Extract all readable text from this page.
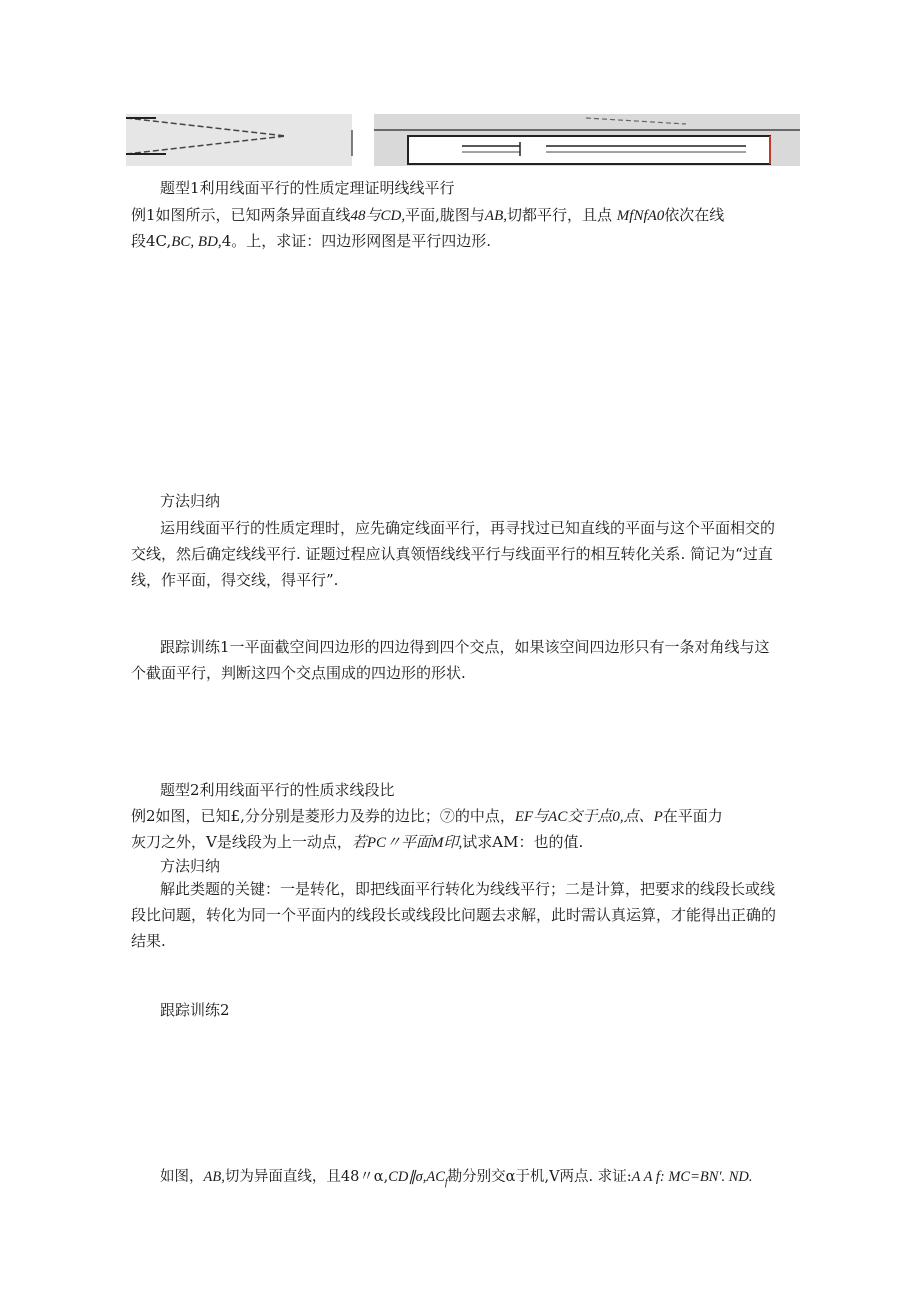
题型1利用线面平行的性质定理证明线线平行
例1如图所示，已知两条异面直线48与CD,平面,胧图与AB,切都平行，且点 MfNfA0依次在线
段4C,BC, BD,4。上，求证：四边形网图是平行四边形.
方法归纳
运用线面平行的性质定理时，应先确定线面平行，再寻找过已知直线的平面与这个平面相交的
交线，然后确定线线平行. 证题过程应认真领悟线线平行与线面平行的相互转化关系. 简记为“过直
线，作平面，得交线，得平行”.
跟踪训练1一平面截空间四边形的四边得到四个交点，如果该空间四边形只有一条对角线与这
个截面平行，判断这四个交点围成的四边形的形状.
题型2利用线面平行的性质求线段比
例2如图，已知£,分分别是菱形力及券的边比；⑦的中点，EF与AC交于点0,点、P在平面力
灰刀之外，V是线段为上一动点，若PC〃平面M印,试求AM：也的值.
方法归纳
解此类题的关键：一是转化，即把线面平行转化为线线平行；二是计算，把要求的线段长或线
段比问题，转化为同一个平面内的线段长或线段比问题去求解，此时需认真运算，才能得出正确的
结果.
跟踪训练2
如图，AB,切为异面直线，且48〃$\alpha,CD\parallel\sigma,AC_f$勘分别交α于机,V两点. 求证:A A f: MC=BN'. ND.
